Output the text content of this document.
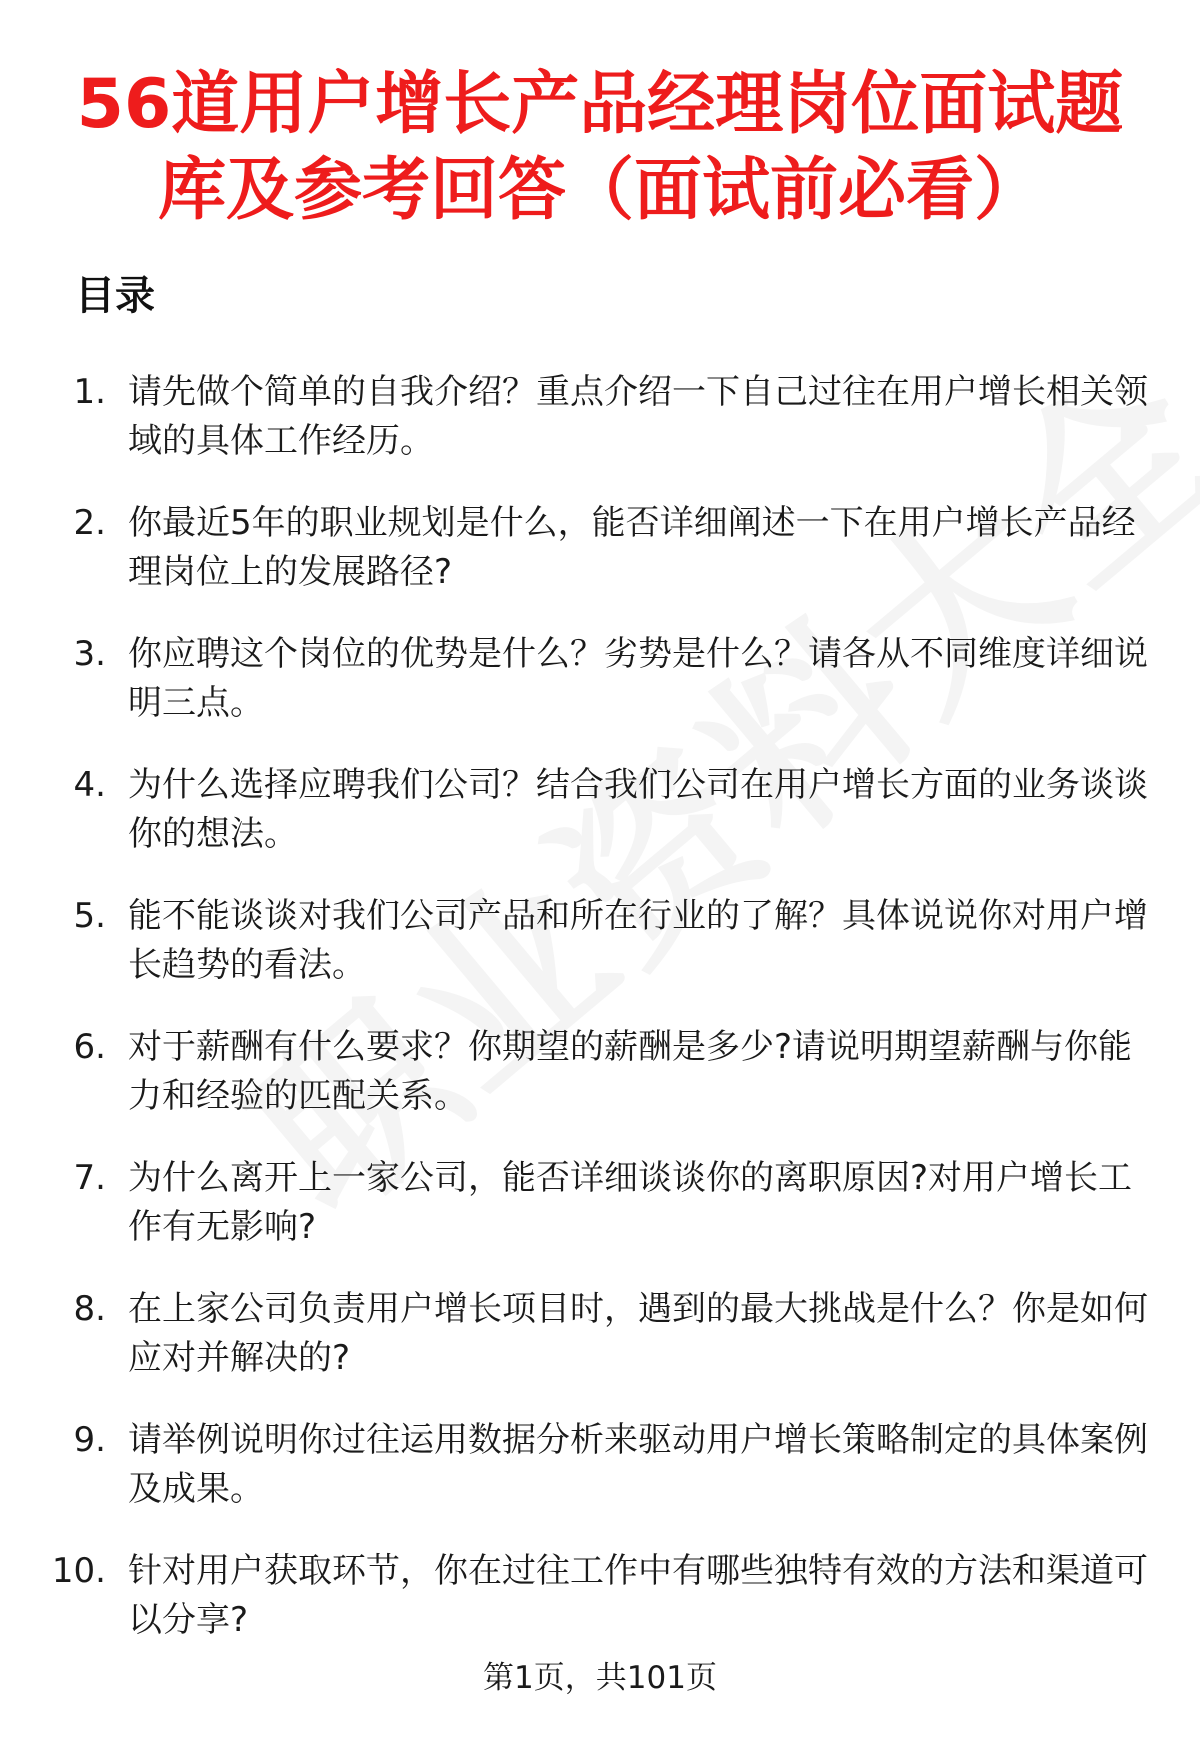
56道用户增长产品经理岗位面试题库及参考回答（面试前必看）
目录
1. 请先做个简单的自我介绍？重点介绍一下自己过往在用户增长相关领域的具体工作经历。
2. 你最近5年的职业规划是什么，能否详细阐述一下在用户增长产品经理岗位上的发展路径?
3. 你应聘这个岗位的优势是什么？劣势是什么？请各从不同维度详细说明三点。
4. 为什么选择应聘我们公司？结合我们公司在用户增长方面的业务谈谈你的想法。
5. 能不能谈谈对我们公司产品和所在行业的了解？具体说说你对用户增长趋势的看法。
6. 对于薪酬有什么要求？你期望的薪酬是多少?请说明期望薪酬与你能力和经验的匹配关系。
7. 为什么离开上一家公司，能否详细谈谈你的离职原因?对用户增长工作有无影响?
8. 在上家公司负责用户增长项目时，遇到的最大挑战是什么？你是如何应对并解决的?
9. 请举例说明你过往运用数据分析来驱动用户增长策略制定的具体案例及成果。
10. 针对用户获取环节，你在过往工作中有哪些独特有效的方法和渠道可以分享?
第1页，共101页
